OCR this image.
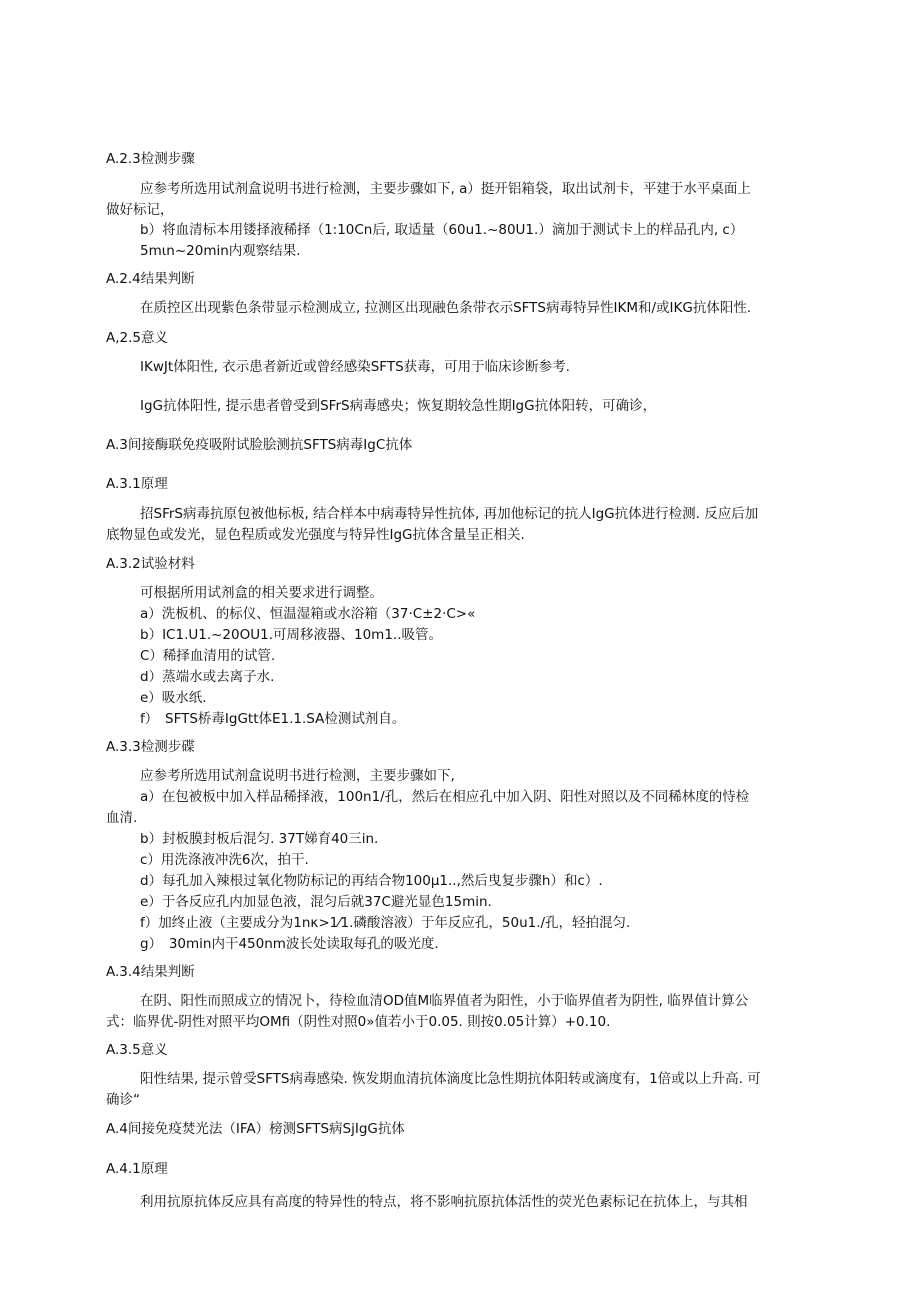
A.2.3检测步骤
应参考所选用试剂盒说明书进行检测，主要步骤如下, a）挺开铝箱袋，取出试剂卡，平建于水平桌面上
做好标记，
b）将血清标本用镂择液稀择（1:10Cn后, 取适量（60u1.~80U1.）滴加于测试卡上的样品孔内, c）
5mιn~20min内观察结果.
A.2.4结果判断
在质控区出现紫色条带显示检测成立, 拉测区出现融色条带衣示SFTS病毒特异性IKM和/或IKG抗体阳性.
A,2.5意义
IKwJt体阳性, 衣示患者新近或曾经感染SFTS获毒，可用于临床诊断参考.
IgG抗体阳性, 提示患者曾受到SFrS病毒感央；恢复期较急性期IgG抗体阳转，可确诊，
A.3间接酶联免疫吸附试脸脍测抗SFTS病毒IgC抗体
A.3.1原理
招SFrS病毒抗原包被他标板, 结合样本中病毒特异性抗体, 再加他标记的抗人IgG抗体进行检测. 反应后加
底物显色或发光，显色程质或发光强度与特异性IgG抗体含量呈正相关.
A.3.2试验材料
可根据所用试剂盒的相关要求进行调整。
a）洗板机、的标仪、恒温湿箱或水浴箱（37·C±2·C>«
b）IC1.U1.~20OU1.可周移液器、10m1..吸管。
C）稀择血清用的试管.
d）蒸端水或去离子水.
e）吸水纸.
f）　SFTS桥毒IgGtt体E1.1.SA检测试剂自。
A.3.3检测步碟
应参考所选用试剂盒说明书进行检测，主要步骤如下,
a）在包被板中加入样品稀择液，100n1/孔，然后在相应孔中加入阴、阳性对照以及不同稀林度的恃检
血清.
b）封板膜封板后混匀. 37T娣育40三in.
c）用洗涤液冲洗6次，拍干.
d）每孔加入辣根过氧化物防标记的再结合物100μ1..,然后曳复步骤h）和c）.
e）于各反应孔内加显色液，混匀后就37C避光显色15min.
f）加终止液（主要成分为1nκ>1⁄1.磷酸溶液）于年反应孔，50u1./孔，轻拍混匀.
g）　30min内干450nm波长处读取每孔的吸光度.
A.3.4结果判断
在阴、阳性而照成立的情况卜，待检血清OD值M临界值者为阳性，小于临界值者为阴性, 临界值计算公
式：临界优-阴性对照平均OMfi（阴性对照0»值若小于0.05. 則按0.05计算）+0.10.
A.3.5意义
阳性结果, 提示曾受SFTS病毒感染. 恢发期血清抗体滴度比急性期抗体阳转或滴度有，1倍或以上升高. 可
确诊“
A.4间接免疫焚光法（IFA）榜测SFTS病SjIgG抗体
A.4.1原理
利用抗原抗体反应具有高度的特异性的特点，将不影响抗原抗体活性的荧光色素标记在抗体上，与其相
